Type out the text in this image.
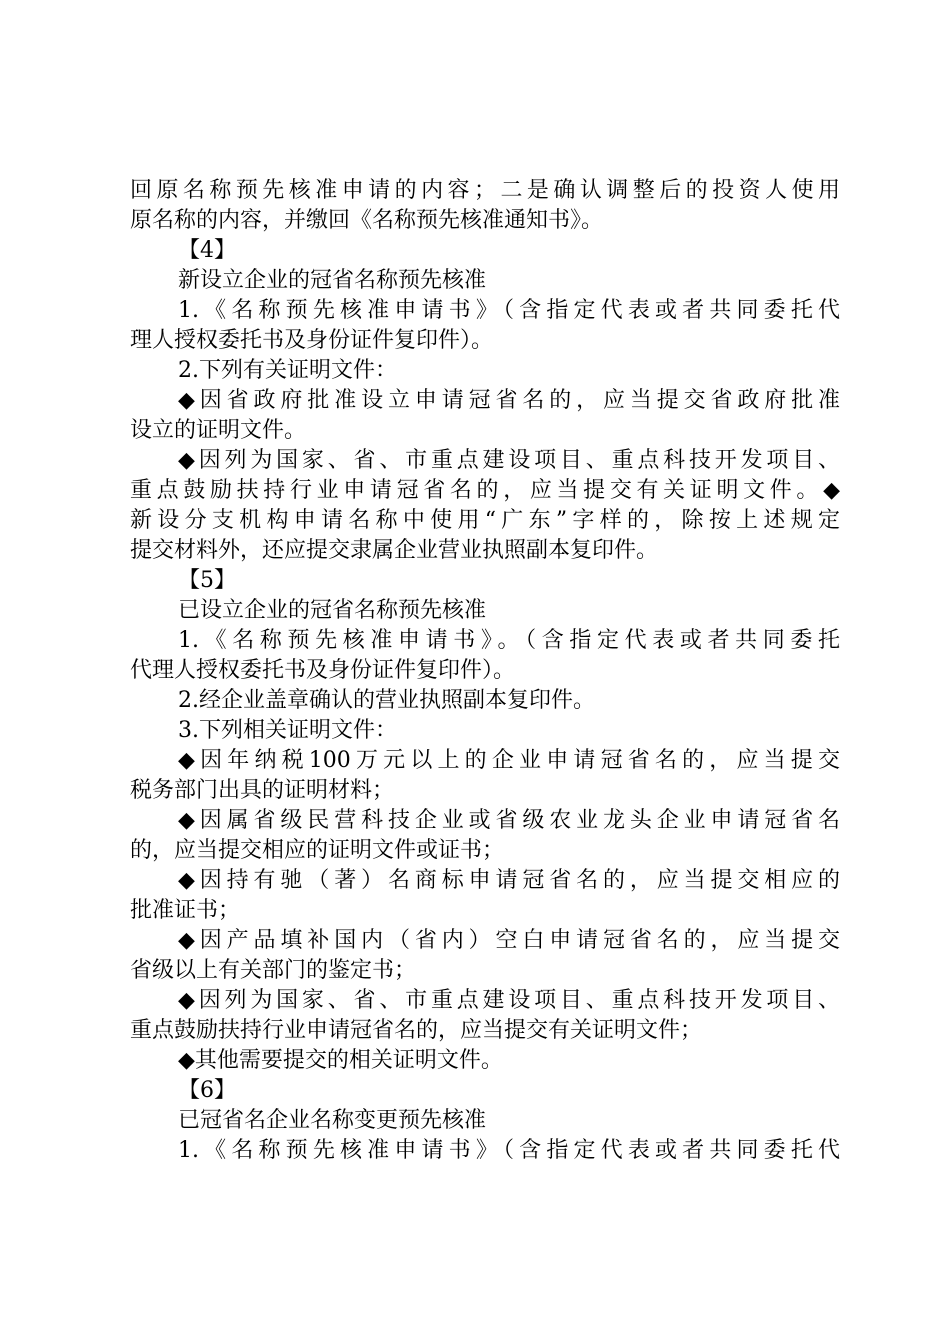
回原名称预先核准申请的内容；二是确认调整后的投资人使用
原名称的内容，并缴回《名称预先核准通知书》。
【4】
新设立企业的冠省名称预先核准
1.《名称预先核准申请书》（含指定代表或者共同委托代
理人授权委托书及身份证件复印件）。
2.下列有关证明文件：
◆因省政府批准设立申请冠省名的，应当提交省政府批准
设立的证明文件。
◆因列为国家、省、市重点建设项目、重点科技开发项目、
重点鼓励扶持行业申请冠省名的，应当提交有关证明文件。◆
新设分支机构申请名称中使用“广东”字样的，除按上述规定
提交材料外，还应提交隶属企业营业执照副本复印件。
【5】
已设立企业的冠省名称预先核准
1.《名称预先核准申请书》。（含指定代表或者共同委托
代理人授权委托书及身份证件复印件）。
2.经企业盖章确认的营业执照副本复印件。
3.下列相关证明文件：
◆因年纳税100万元以上的企业申请冠省名的，应当提交
税务部门出具的证明材料；
◆因属省级民营科技企业或省级农业龙头企业申请冠省名
的，应当提交相应的证明文件或证书；
◆因持有驰（著）名商标申请冠省名的，应当提交相应的
批准证书；
◆因产品填补国内（省内）空白申请冠省名的，应当提交
省级以上有关部门的鉴定书；
◆因列为国家、省、市重点建设项目、重点科技开发项目、
重点鼓励扶持行业申请冠省名的，应当提交有关证明文件；
◆其他需要提交的相关证明文件。
【6】
已冠省名企业名称变更预先核准
1.《名称预先核准申请书》（含指定代表或者共同委托代
